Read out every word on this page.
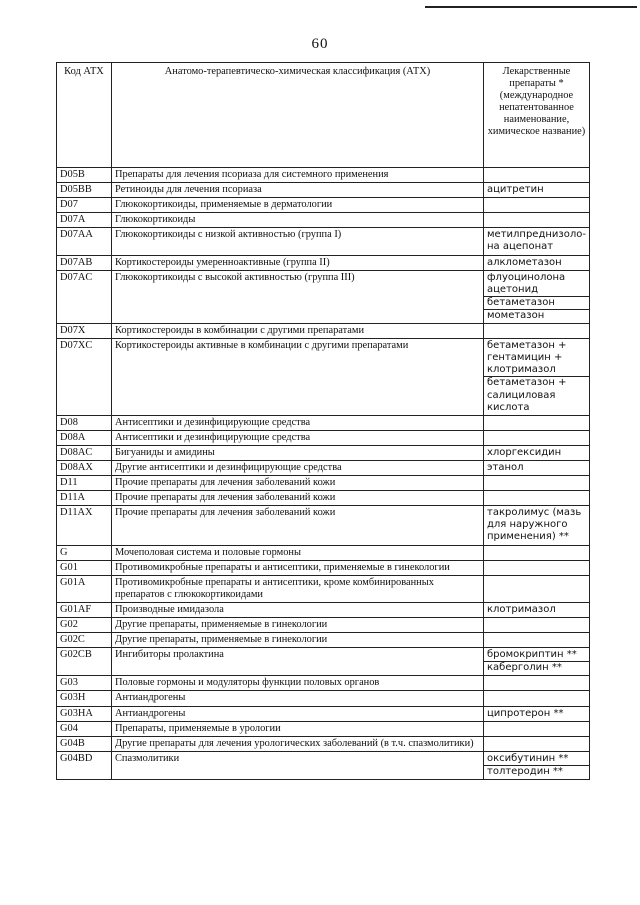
60
Код АТХ	Анатомо-терапевтическо-химическая классификация (АТХ)	Лекарственные препараты * (международное непатентованное наименование, химическое название)
D05B	Препараты для лечения псориаза для системного применения	
D05BB	Ретиноиды для лечения псориаза	ацитретин

D07	Глюкокортикоиды, применяемые в дерматологии	
D07A	Глюкокортикоиды	
D07AA	Глюкокортикоиды с низкой активностью (группа I)	метилпреднизоло-на ацепонат

D07AB	Кортикостероиды умеренноактивные (группа II)	алклометазон

D07AC	Глюкокортикоиды с высокой активностью (группа III)	флуоцинолона ацетонид
бетаметазон
мометазон

D07X	Кортикостероиды в комбинации с другими препаратами	
D07XC	Кортикостероиды активные в комбинации с другими препаратами	бетаметазон + гентамицин + клотримазол
бетаметазон + салициловая кислота

D08	Антисептики и дезинфицирующие средства	
D08A	Антисептики и дезинфицирующие средства	
D08AC	Бигуаниды и амидины	хлоргексидин

D08AX	Другие антисептики и дезинфицирующие средства	этанол

D11	Прочие препараты для лечения заболеваний кожи	
D11A	Прочие препараты для лечения заболеваний кожи	
D11AX	Прочие препараты для лечения заболеваний кожи	такролимус (мазь для наружного применения) **

G	Мочеполовая система и половые гормоны	
G01	Противомикробные препараты и антисептики, применяемые в гинекологии	
G01A	Противомикробные препараты и антисептики, кроме комбинированных препаратов с глюкокортикоидами	
G01AF	Производные имидазола	клотримазол

G02	Другие препараты, применяемые в гинекологии	
G02C	Другие препараты, применяемые в гинекологии	
G02CB	Ингибиторы пролактина	бромокриптин **
каберголин **

G03	Половые гормоны и модуляторы функции половых органов	
G03H	Антиандрогены	
G03HA	Антиандрогены	ципротерон **

G04	Препараты, применяемые в урологии	
G04B	Другие препараты для лечения урологических заболеваний (в т.ч. спазмолитики)	
G04BD	Спазмолитики	оксибутинин **
толтеродин **
